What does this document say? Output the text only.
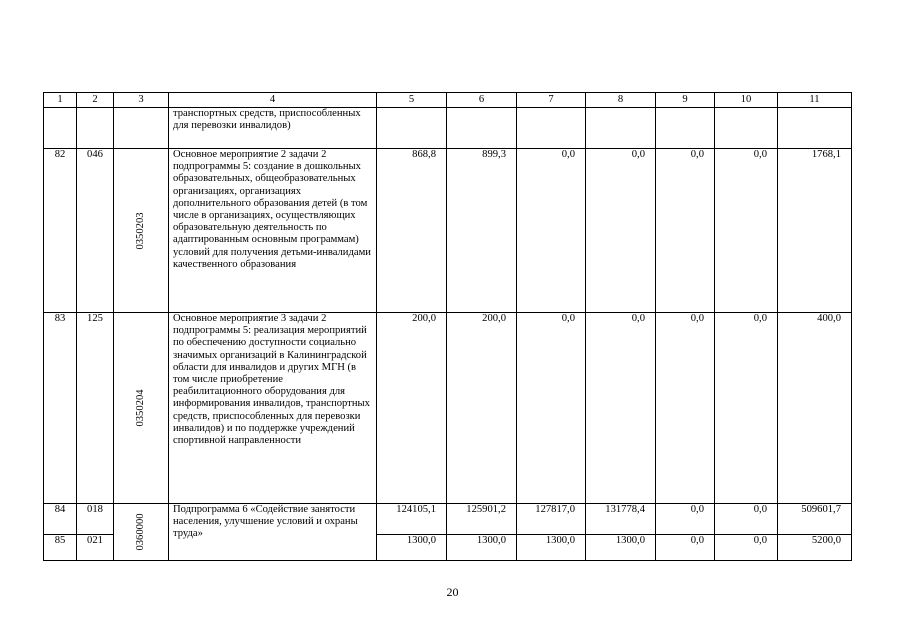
1	2	3	4	5	6	7	8	9	10	11
			транспортных средств, приспособленных для перевозки инвалидов)							
82	046	0350203	Основное мероприятие 2 задачи 2 подпрограммы 5: создание в дошкольных образовательных, общеобразовательных организациях, организациях дополнительного образования детей (в том числе в организациях, осуществляющих образовательную деятельность по адаптированным основным программам) условий для получения детьми-инвалидами качественного образования	868,8	899,3	0,0	0,0	0,0	0,0	1768,1
83	125	0350204	Основное мероприятие 3 задачи 2 подпрограммы 5: реализация мероприятий по обеспечению доступности социально значимых организаций в Калининградской области для инвалидов и других МГН (в том числе приобретение реабилитационного оборудования для информирования инвалидов, транспортных средств, приспособленных для перевозки инвалидов) и по поддержке учреждений спортивной направленности	200,0	200,0	0,0	0,0	0,0	0,0	400,0
84	018	0360000	Подпрограмма 6 «Содействие занятости населения, улучшение условий и охраны труда»	124105,1	125901,2	127817,0	131778,4	0,0	0,0	509601,7
85	021			1300,0	1300,0	1300,0	1300,0	0,0	0,0	5200,0
20
